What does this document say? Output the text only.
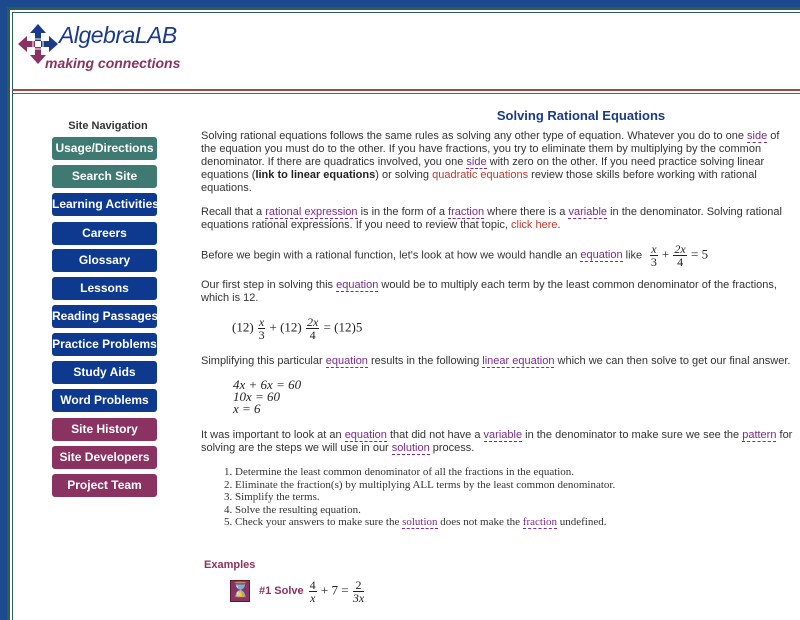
AlgebraLAB
making connections
Site Navigation
Usage/Directions
Search Site
Learning Activities
Careers
Glossary
Lessons
Reading Passages
Practice Problems
Study Aids
Word Problems
Site History
Site Developers
Project Team
Solving Rational Equations
Solving rational equations follows the same rules as solving any other type of equation. Whatever you do to one side of the equation you must do to the other. If you have fractions, you try to eliminate them by multiplying by the common denominator. If there are quadratics involved, you one side with zero on the other. If you need practice solving linear equations (link to linear equations) or solving quadratic equations review those skills before working with rational equations.
Recall that a rational expression is in the form of a fraction where there is a variable in the denominator. Solving rational equations rational expressions. If you need to review that topic, click here.
Before we begin with a rational function, let's look at how we would handle an equation like $\frac{x}{3} + \frac{2x}{4} = 5$
Our first step in solving this equation would be to multiply each term by the least common denominator of the fractions, which is 12.
$(12) \frac{x}{3} + (12) \frac{2x}{4} = (12)5$
Simplifying this particular equation results in the following linear equation which we can then solve to get our final answer.
4x + 6x = 60
10x = 60
x = 6
It was important to look at an equation that did not have a variable in the denominator to make sure we see the pattern for solving are the steps we will use in our solution process.
1. Determine the least common denominator of all the fractions in the equation.
2. Eliminate the fraction(s) by multiplying ALL terms by the least common denominator.
3. Simplify the terms.
4. Solve the resulting equation.
5. Check your answers to make sure the solution does not make the fraction undefined.
Examples
⌛ #1 Solve $\frac{4}{x} + 7 = \frac{2}{3x}$
